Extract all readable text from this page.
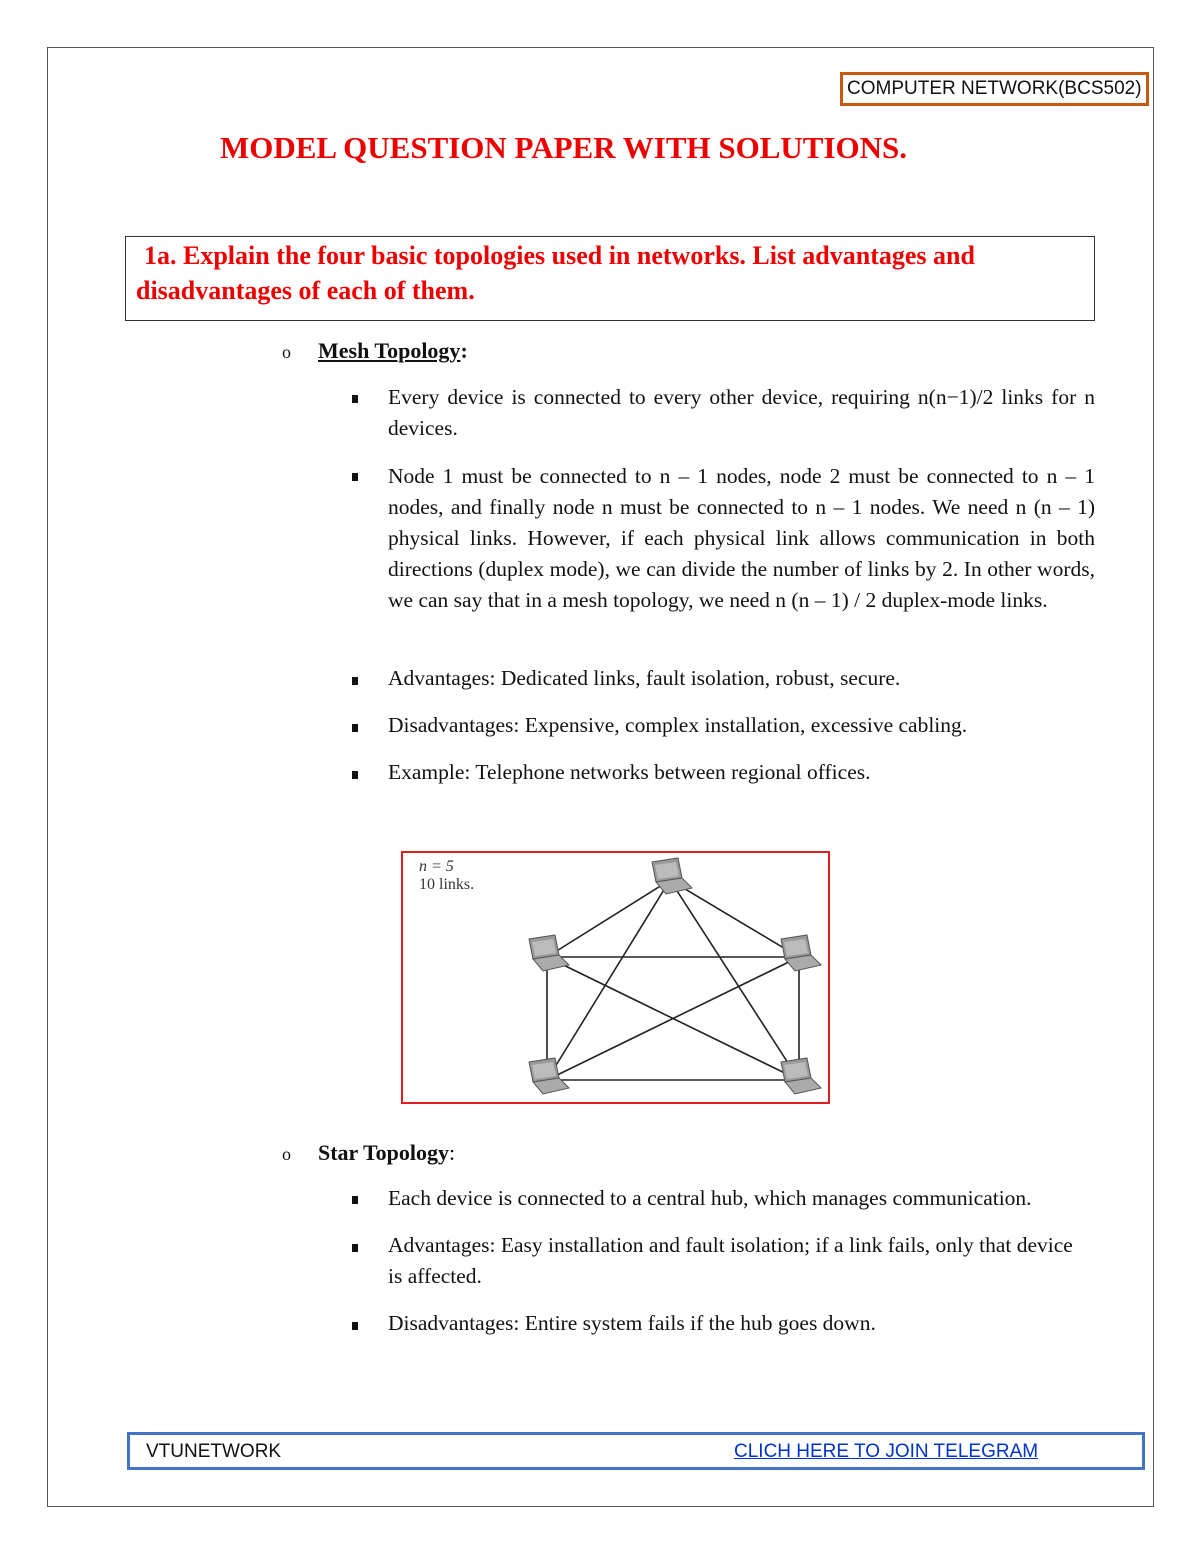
COMPUTER NETWORK(BCS502)
MODEL QUESTION PAPER WITH SOLUTIONS.
1a. Explain the four basic topologies used in networks. List advantages and disadvantages of each of them.
o Mesh Topology:
Every device is connected to every other device, requiring n(n−1)/2 links for n devices.
Node 1 must be connected to n – 1 nodes, node 2 must be connected to n – 1 nodes, and finally node n must be connected to n – 1 nodes. We need n (n – 1) physical links. However, if each physical link allows communication in both directions (duplex mode), we can divide the number of links by 2. In other words, we can say that in a mesh topology, we need n (n – 1) / 2 duplex-mode links.
Advantages: Dedicated links, fault isolation, robust, secure.
Disadvantages: Expensive, complex installation, excessive cabling.
Example: Telephone networks between regional offices.
n = 5
10 links.
o Star Topology:
Each device is connected to a central hub, which manages communication.
Advantages: Easy installation and fault isolation; if a link fails, only that device is affected.
Disadvantages: Entire system fails if the hub goes down.
VTUNETWORK	CLICH HERE TO JOIN TELEGRAM
